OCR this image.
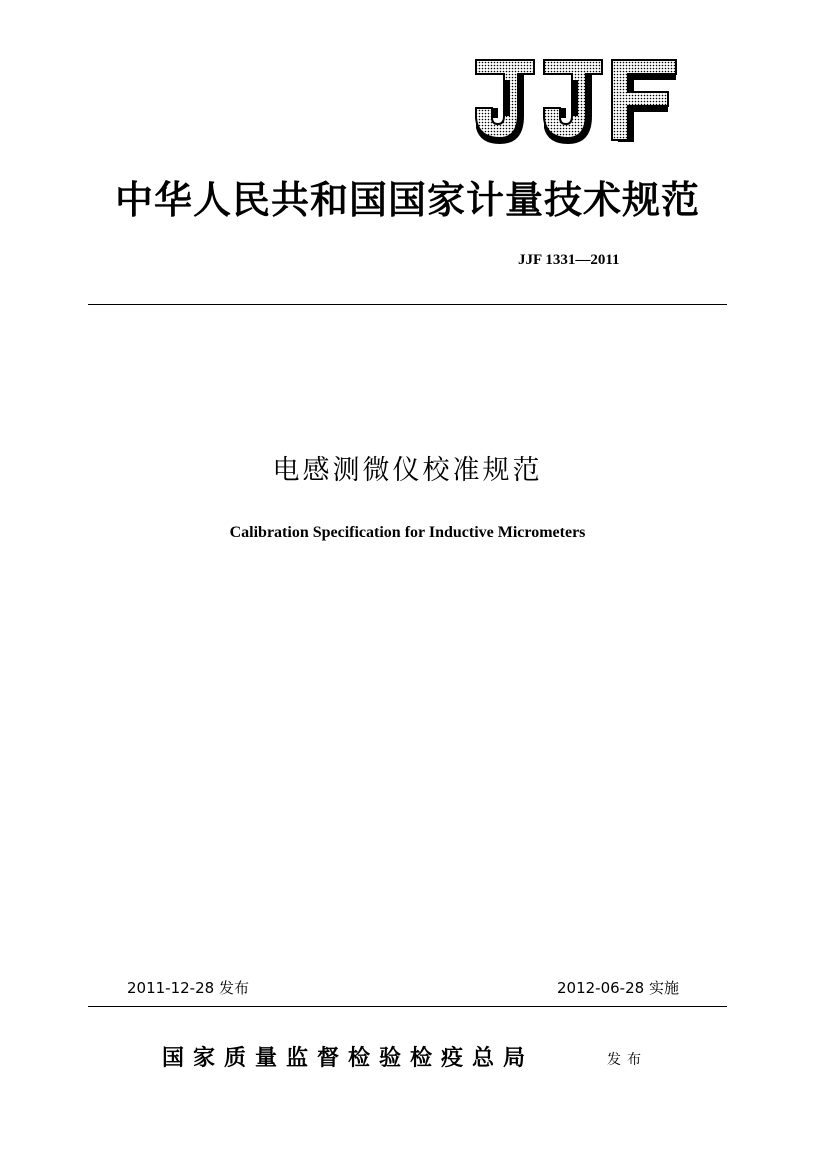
中华人民共和国国家计量技术规范
JJF 1331—2011
电感测微仪校准规范
Calibration Specification for Inductive Micrometers
2011-12-28 发布	2012-06-28 实施
国家质量监督检验检疫总局	发布
